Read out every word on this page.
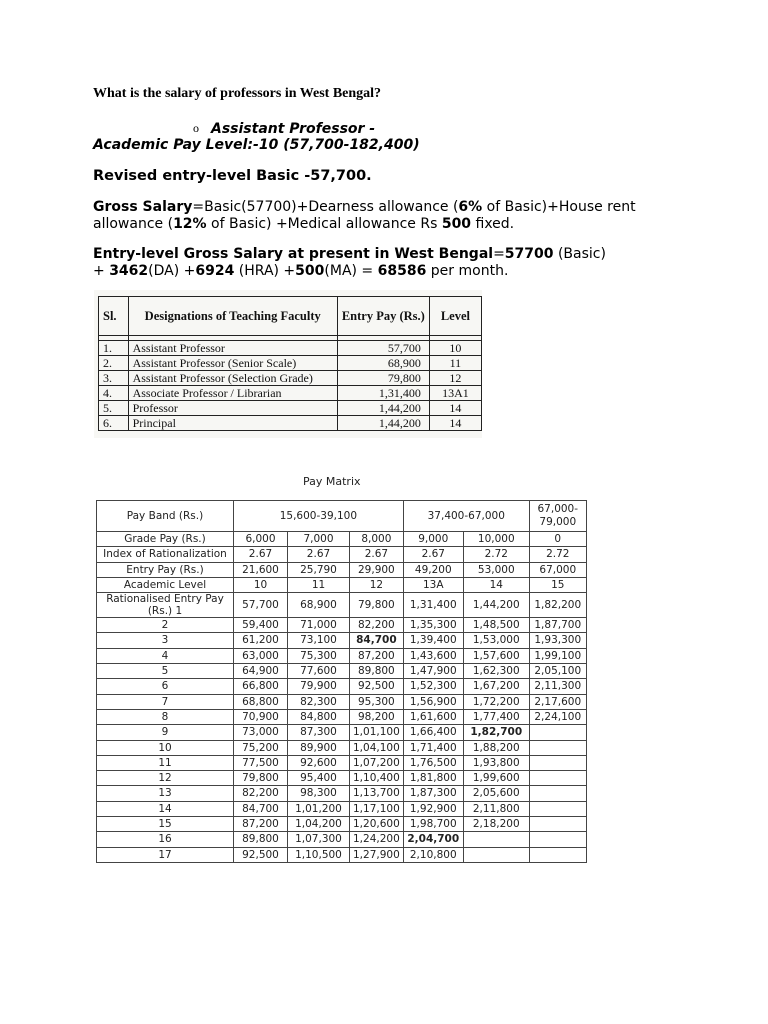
What is the salary of professors in West Bengal?
o Assistant Professor -
Academic Pay Level:-10 (57,700-182,400)
Revised entry-level Basic -57,700.
Gross Salary=Basic(57700)+Dearness allowance (6% of Basic)+House rent allowance (12% of Basic) +Medical allowance Rs 500 fixed.
Entry-level Gross Salary at present in West Bengal=57700 (Basic)
+ 3462(DA) +6924 (HRA) +500(MA) = 68586 per month.
Sl.	Designations of Teaching Faculty	Entry Pay (Rs.)	Level

1.	Assistant Professor	57,700	10
2.	Assistant Professor (Senior Scale)	68,900	11
3.	Assistant Professor (Selection Grade)	79,800	12
4.	Associate Professor / Librarian	1,31,400	13A1
5.	Professor	1,44,200	14
6.	Principal	1,44,200	14
Pay Matrix
Pay Band (Rs.)	15,600-39,100			37,400-67,000		67,000-79,000
Grade Pay (Rs.)	6,000	7,000	8,000	9,000	10,000	0
Index of Rationalization	2.67	2.67	2.67	2.67	2.72	2.72
Entry Pay (Rs.)	21,600	25,790	29,900	49,200	53,000	67,000
Academic Level	10	11	12	13A	14	15
Rationalised Entry Pay (Rs.) 1	57,700	68,900	79,800	1,31,400	1,44,200	1,82,200
2	59,400	71,000	82,200	1,35,300	1,48,500	1,87,700
3	61,200	73,100	84,700	1,39,400	1,53,000	1,93,300
4	63,000	75,300	87,200	1,43,600	1,57,600	1,99,100
5	64,900	77,600	89,800	1,47,900	1,62,300	2,05,100
6	66,800	79,900	92,500	1,52,300	1,67,200	2,11,300
7	68,800	82,300	95,300	1,56,900	1,72,200	2,17,600
8	70,900	84,800	98,200	1,61,600	1,77,400	2,24,100
9	73,000	87,300	1,01,100	1,66,400	1,82,700	
10	75,200	89,900	1,04,100	1,71,400	1,88,200	
11	77,500	92,600	1,07,200	1,76,500	1,93,800	
12	79,800	95,400	1,10,400	1,81,800	1,99,600	
13	82,200	98,300	1,13,700	1,87,300	2,05,600	
14	84,700	1,01,200	1,17,100	1,92,900	2,11,800	
15	87,200	1,04,200	1,20,600	1,98,700	2,18,200	
16	89,800	1,07,300	1,24,200	2,04,700		
17	92,500	1,10,500	1,27,900	2,10,800		
